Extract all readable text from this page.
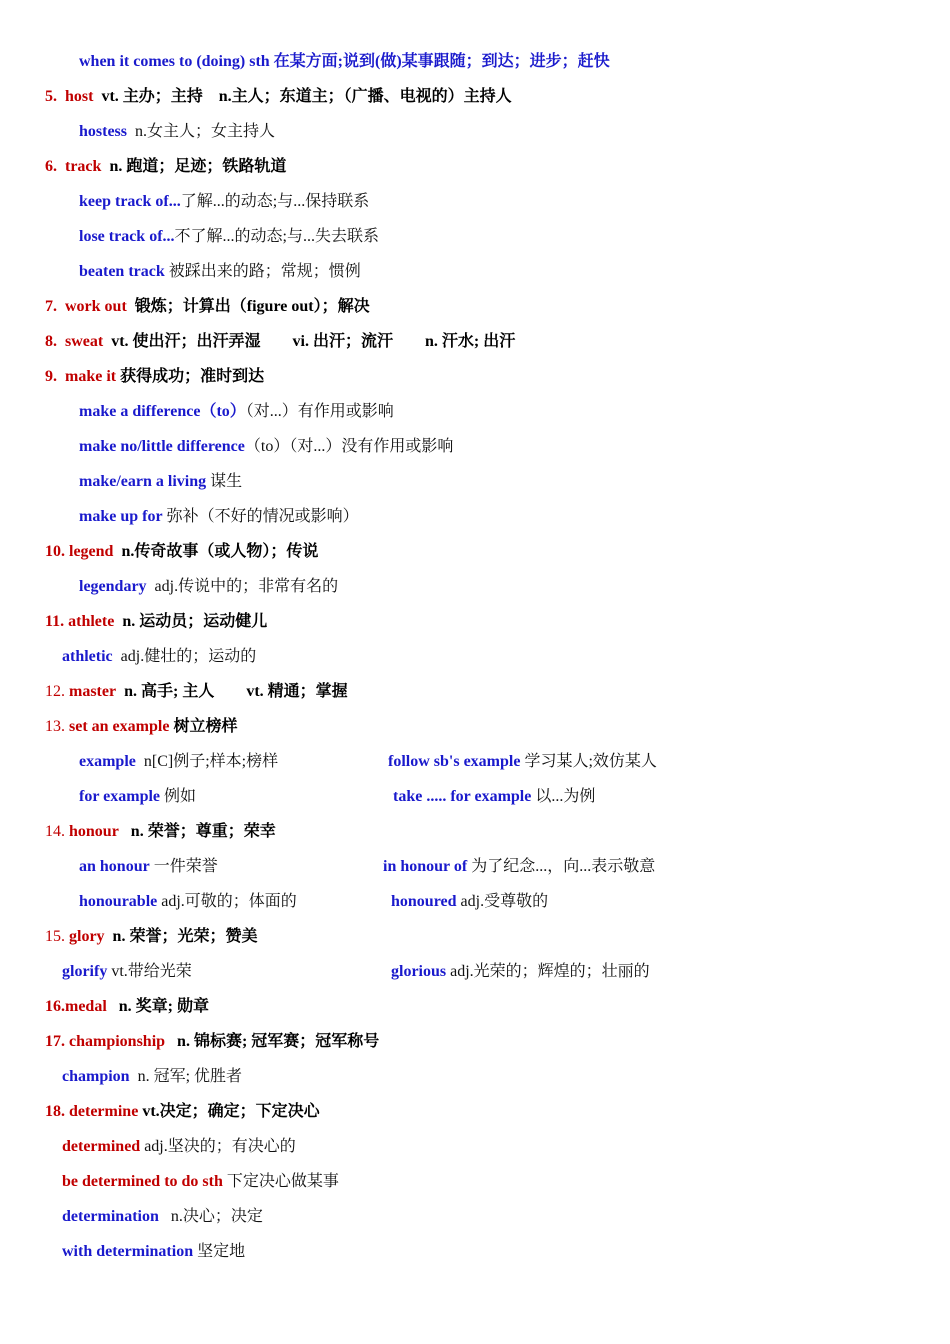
when it comes to (doing) sth 在某方面;说到(做)某事跟随；到达；进步；赶快
5. host vt. 主办；主持　n.主人；东道主；（广播、电视的）主持人
hostess n.女主人；女主持人
6. track n. 跑道；足迹；铁路轨道
keep track of...了解...的动态;与...保持联系
lose track of...不了解...的动态;与...失去联系
beaten track 被踩出来的路；常规；惯例
7. work out 锻炼；计算出（figure out）；解决
8. sweat vt. 使出汗；出汗弄湿　　vi. 出汗；流汗　　n. 汗水; 出汗
9. make it 获得成功；准时到达
make a difference（to）（对...）有作用或影响
make no/little difference（to）（对...）没有作用或影响
make/earn a living 谋生
make up for 弥补（不好的情况或影响）
10. legend n.传奇故事（或人物）；传说
legendary adj.传说中的；非常有名的
11. athlete n. 运动员；运动健儿
athletic adj.健壮的；运动的
12. master n. 高手; 主人　　vt. 精通；掌握
13. set an example 树立榜样
example n[C]例子;样本;榜样	follow sb's example 学习某人;效仿某人
for example 例如	take ..... for example 以...为例
14. honour n. 荣誉；尊重；荣幸
an honour 一件荣誉	in honour of 为了纪念...，向...表示敬意
honourable adj.可敬的；体面的	honoured adj.受尊敬的
15. glory n. 荣誉；光荣；赞美
glorify vt.带给光荣	glorious adj.光荣的；辉煌的；壮丽的
16.medal n. 奖章; 勋章
17. championship n. 锦标赛; 冠军赛；冠军称号
champion n. 冠军; 优胜者
18. determine vt.决定；确定；下定决心
determined adj.坚决的；有决心的
be determined to do sth 下定决心做某事
determination n.决心；决定
with determination 坚定地
